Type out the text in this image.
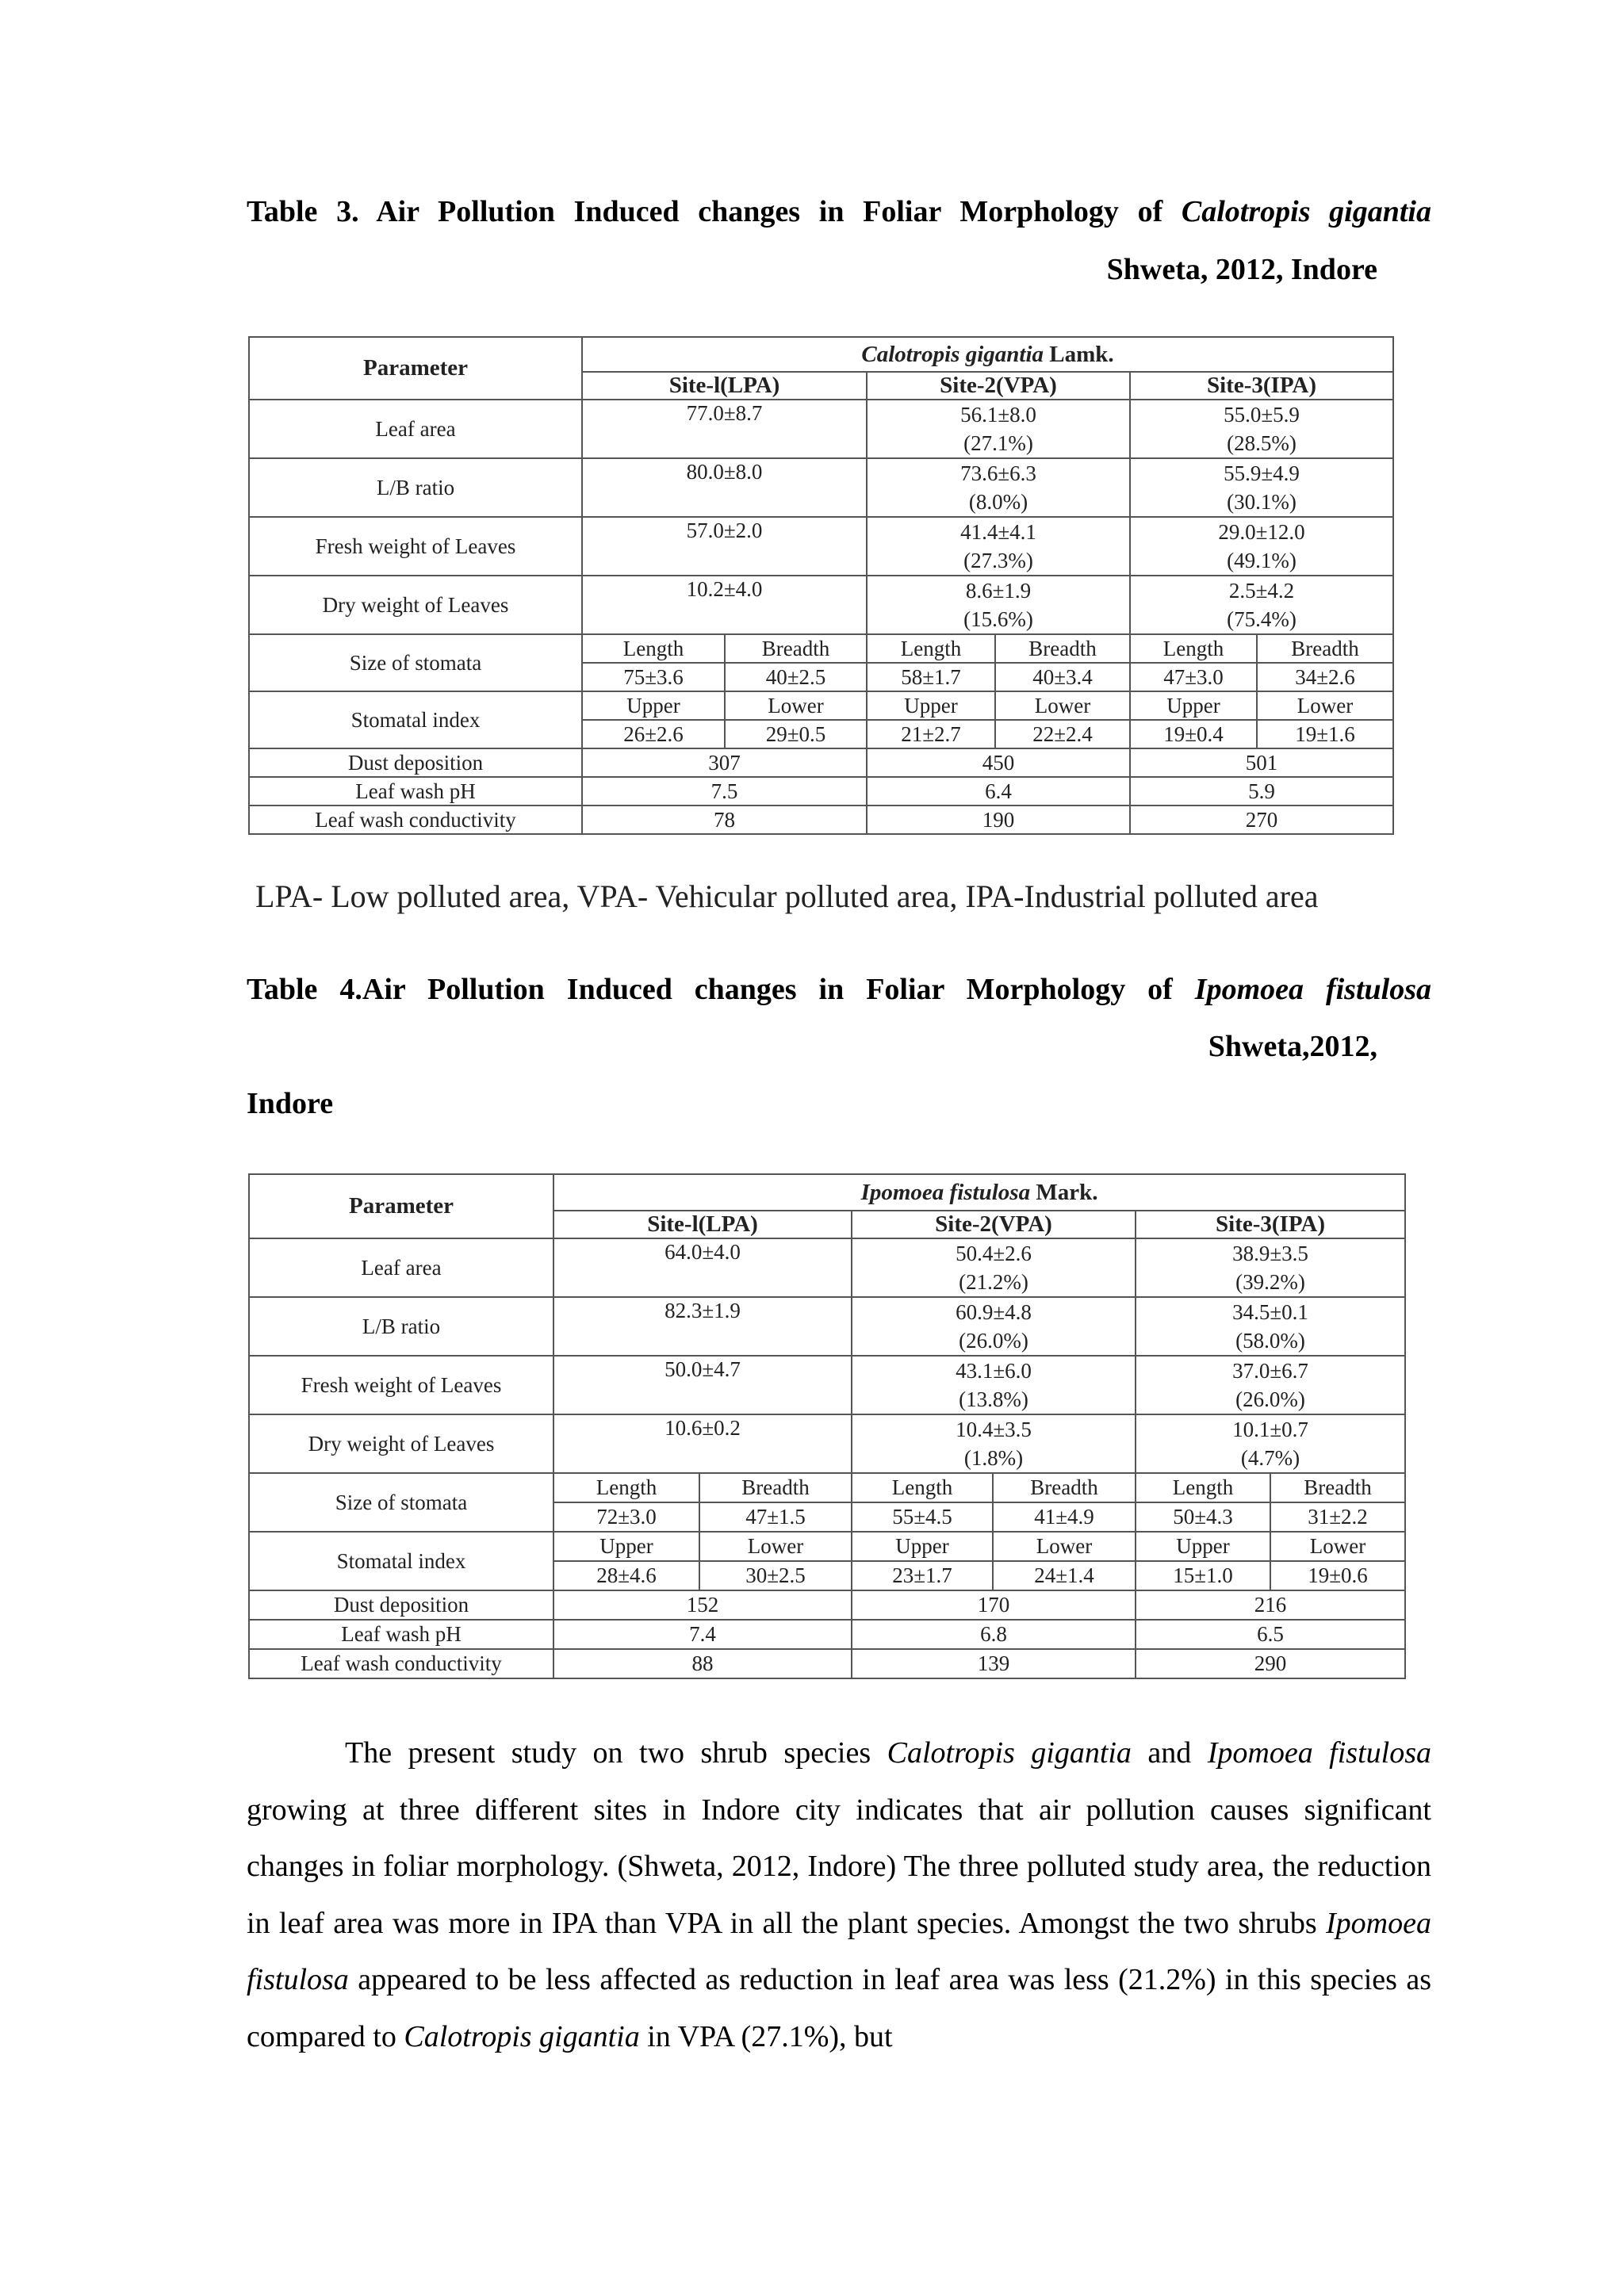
Table 3. Air Pollution Induced changes in Foliar Morphology of Calotropis gigantia
Shweta, 2012, Indore
Parameter	Calotropis gigantia Lamk.					
	Site-l(LPA)		Site-2(VPA)		Site-3(IPA)	
Leaf area	77.0±8.7		56.1±8.0		55.0±5.9	
			(27.1%)		(28.5%)	
L/B ratio	80.0±8.0		73.6±6.3		55.9±4.9	
			(8.0%)		(30.1%)	
Fresh weight of Leaves	57.0±2.0		41.4±4.1		29.0±12.0	
			(27.3%)		(49.1%)	
Dry weight of Leaves	10.2±4.0		8.6±1.9		2.5±4.2	
			(15.6%)		(75.4%)	
Size of stomata	Length	Breadth	Length	Breadth	Length	Breadth
	75±3.6	40±2.5	58±1.7	40±3.4	47±3.0	34±2.6
Stomatal index	Upper	Lower	Upper	Lower	Upper	Lower
	26±2.6	29±0.5	21±2.7	22±2.4	19±0.4	19±1.6
Dust deposition	307		450		501	
Leaf wash pH	7.5		6.4		5.9	
Leaf wash conductivity	78		190		270	
LPA- Low polluted area, VPA- Vehicular polluted area, IPA-Industrial polluted area
Table 4.Air Pollution Induced changes in Foliar Morphology of Ipomoea fistulosa
Shweta,2012,
Indore
Parameter	Ipomoea fistulosa Mark.					
	Site-l(LPA)		Site-2(VPA)		Site-3(IPA)	
Leaf area	64.0±4.0		50.4±2.6		38.9±3.5	
			(21.2%)		(39.2%)	
L/B ratio	82.3±1.9		60.9±4.8		34.5±0.1	
			(26.0%)		(58.0%)	
Fresh weight of Leaves	50.0±4.7		43.1±6.0		37.0±6.7	
			(13.8%)		(26.0%)	
Dry weight of Leaves	10.6±0.2		10.4±3.5		10.1±0.7	
			(1.8%)		(4.7%)	
Size of stomata	Length	Breadth	Length	Breadth	Length	Breadth
	72±3.0	47±1.5	55±4.5	41±4.9	50±4.3	31±2.2
Stomatal index	Upper	Lower	Upper	Lower	Upper	Lower
	28±4.6	30±2.5	23±1.7	24±1.4	15±1.0	19±0.6
Dust deposition	152		170		216	
Leaf wash pH	7.4		6.8		6.5	
Leaf wash conductivity	88		139		290	
The present study on two shrub species Calotropis gigantia and Ipomoea fistulosa growing at three different sites in Indore city indicates that air pollution causes significant changes in foliar morphology. (Shweta, 2012, Indore) The three polluted study area, the reduction in leaf area was more in IPA than VPA in all the plant species. Amongst the two shrubs Ipomoea fistulosa appeared to be less affected as reduction in leaf area was less (21.2%) in this species as compared to Calotropis gigantia in VPA (27.1%), but
